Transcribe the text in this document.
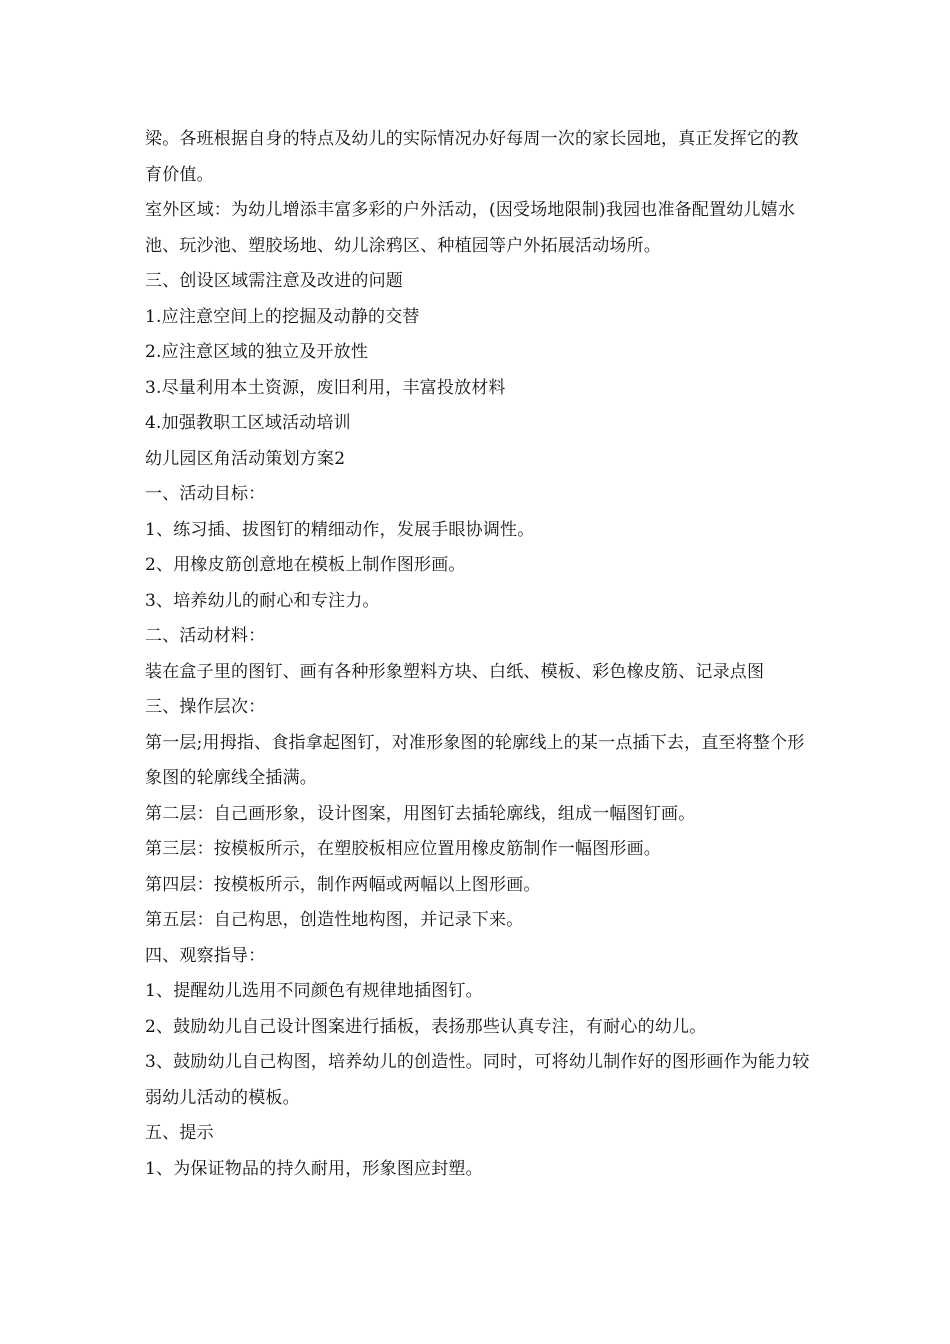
梁。各班根据自身的特点及幼儿的实际情况办好每周一次的家长园地，真正发挥它的教育价值。

室外区域：为幼儿增添丰富多彩的户外活动，(因受场地限制)我园也准备配置幼儿嬉水池、玩沙池、塑胶场地、幼儿涂鸦区、种植园等户外拓展活动场所。

三、创设区域需注意及改进的问题

1.应注意空间上的挖掘及动静的交替

2.应注意区域的独立及开放性

3.尽量利用本土资源，废旧利用，丰富投放材料

4.加强教职工区域活动培训

幼儿园区角活动策划方案2

一、活动目标：

1、练习插、拔图钉的精细动作，发展手眼协调性。

2、用橡皮筋创意地在模板上制作图形画。

3、培养幼儿的耐心和专注力。

二、活动材料：

装在盒子里的图钉、画有各种形象塑料方块、白纸、模板、彩色橡皮筋、记录点图

三、操作层次：

第一层;用拇指、食指拿起图钉，对准形象图的轮廓线上的某一点插下去，直至将整个形象图的轮廓线全插满。

第二层：自己画形象，设计图案，用图钉去插轮廓线，组成一幅图钉画。

第三层：按模板所示，在塑胶板相应位置用橡皮筋制作一幅图形画。

第四层：按模板所示，制作两幅或两幅以上图形画。

第五层：自己构思，创造性地构图，并记录下来。

四、观察指导：

1、提醒幼儿选用不同颜色有规律地插图钉。

2、鼓励幼儿自己设计图案进行插板，表扬那些认真专注，有耐心的幼儿。

3、鼓励幼儿自己构图，培养幼儿的创造性。同时，可将幼儿制作好的图形画作为能力较弱幼儿活动的模板。

五、提示

1、为保证物品的持久耐用，形象图应封塑。
